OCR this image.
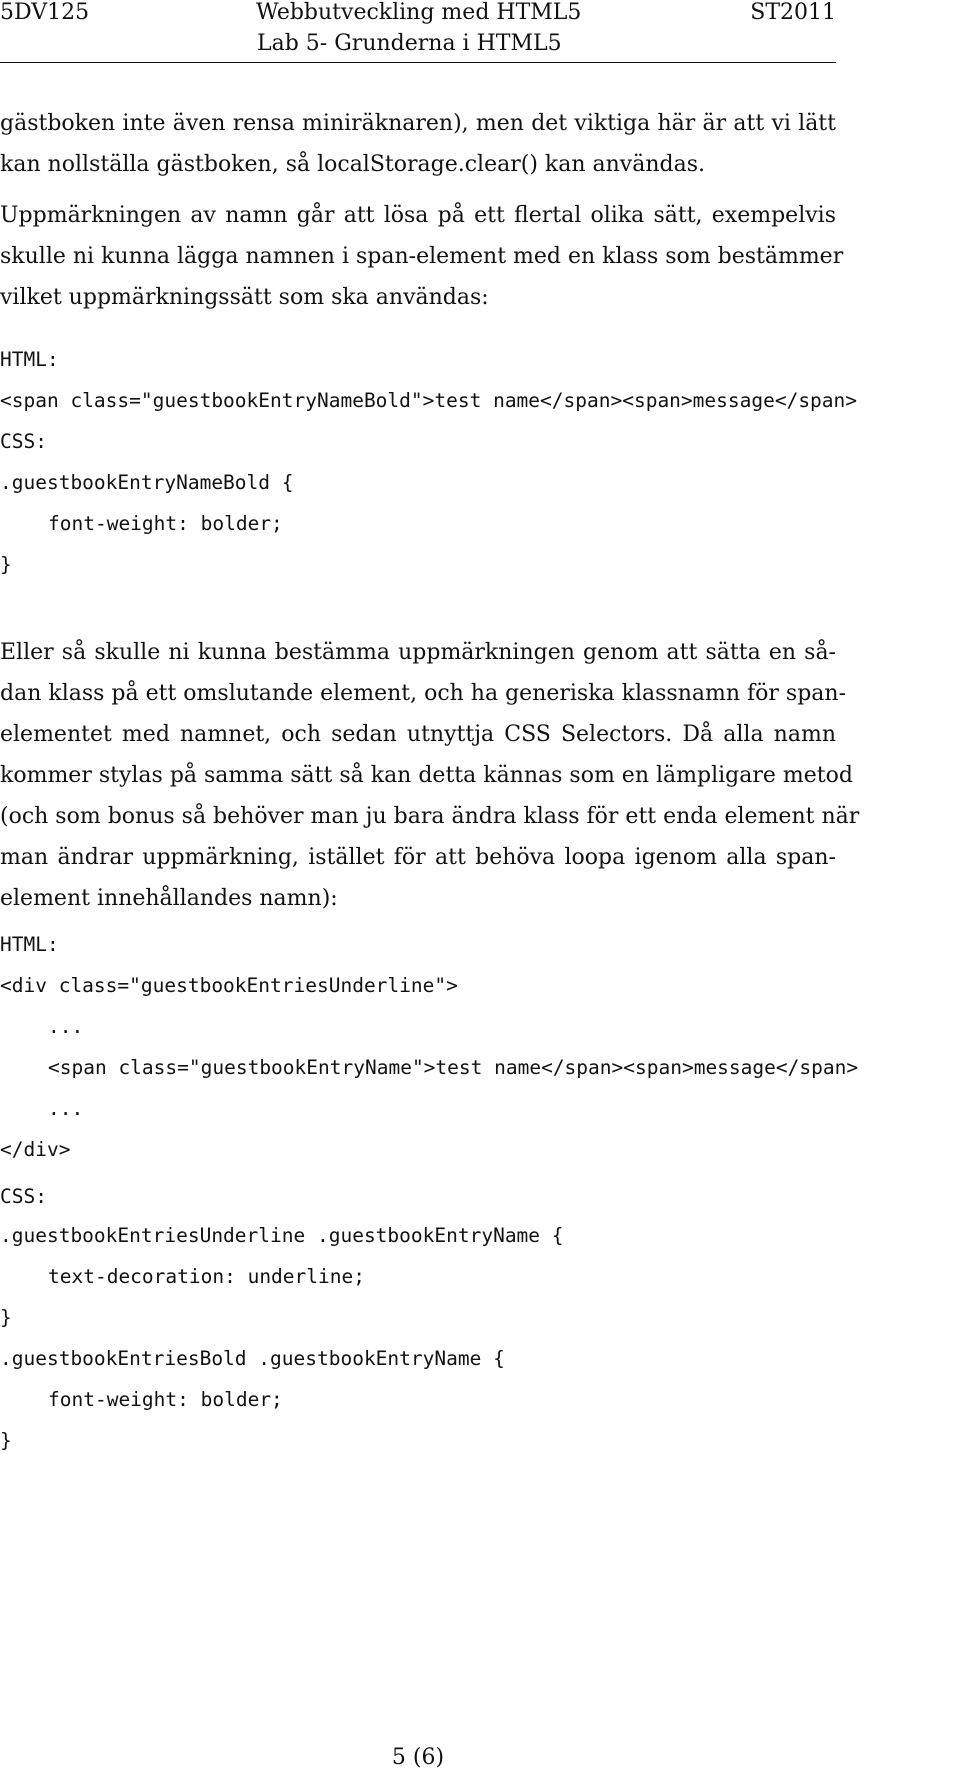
5DV125	Webbutveckling med HTML5	ST2011
Lab 5- Grunderna i HTML5
gästboken inte även rensa miniräknaren), men det viktiga här är att vi lätt
kan nollställa gästboken, så localStorage.clear() kan användas.
Uppmärkningen av namn går att lösa på ett flertal olika sätt, exempelvis
skulle ni kunna lägga namnen i span-element med en klass som bestämmer
vilket uppmärkningssätt som ska användas:
HTML:
<span class="guestbookEntryNameBold">test name</span><span>message</span>
CSS:
.guestbookEntryNameBold {
font-weight: bolder;
}
Eller så skulle ni kunna bestämma uppmärkningen genom att sätta en så-
dan klass på ett omslutande element, och ha generiska klassnamn för span-
elementet med namnet, och sedan utnyttja CSS Selectors. Då alla namn
kommer stylas på samma sätt så kan detta kännas som en lämpligare metod
(och som bonus så behöver man ju bara ändra klass för ett enda element när
man ändrar uppmärkning, istället för att behöva loopa igenom alla span-
element innehållandes namn):
HTML:
<div class="guestbookEntriesUnderline">
...
<span class="guestbookEntryName">test name</span><span>message</span>
...
</div>
CSS:
.guestbookEntriesUnderline .guestbookEntryName {
text-decoration: underline;
}
.guestbookEntriesBold .guestbookEntryName {
font-weight: bolder;
}
5 (6)
